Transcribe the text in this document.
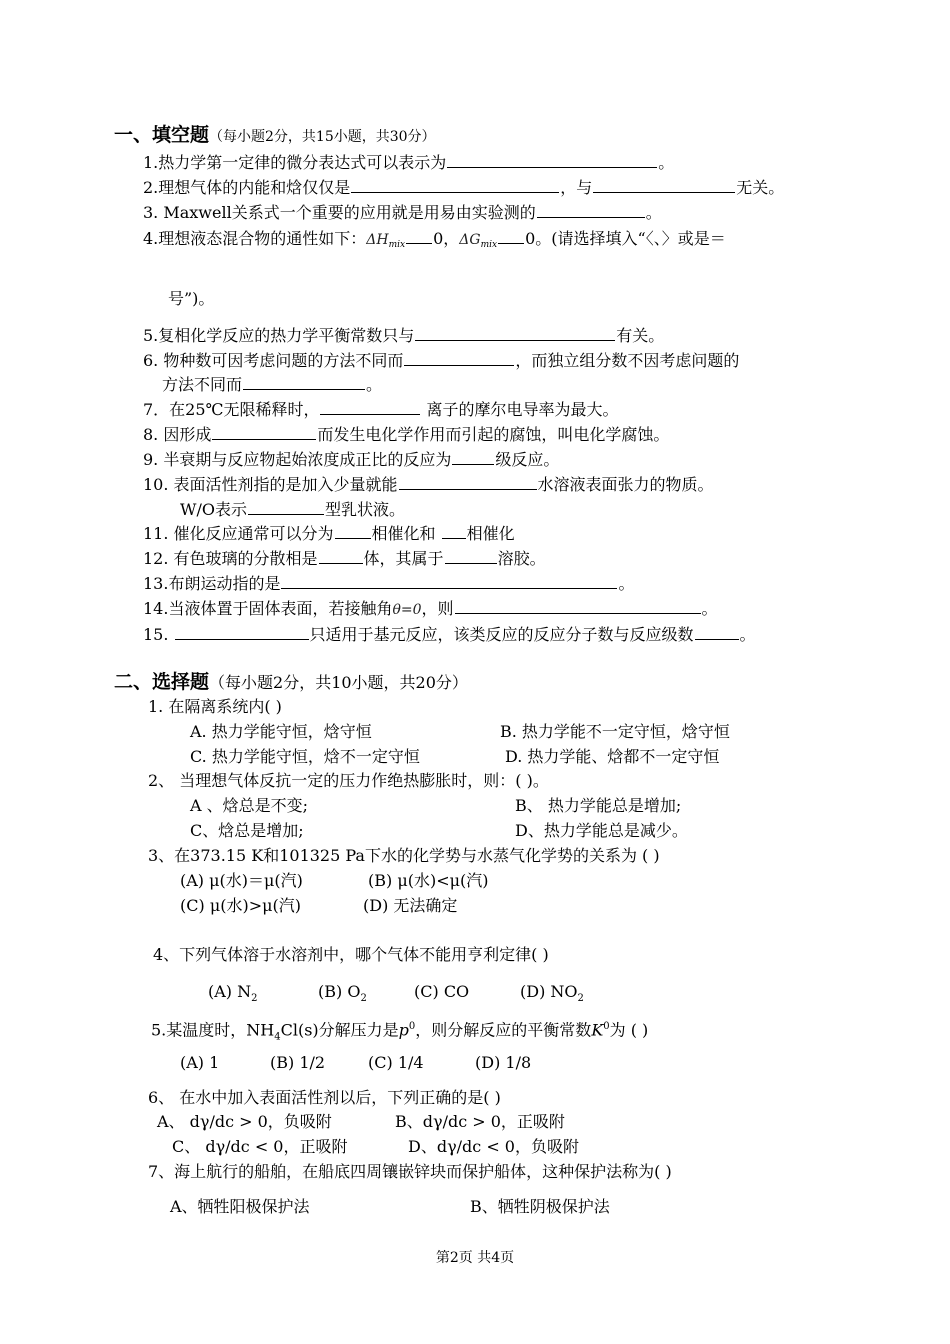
一、填空题（每小题2分，共15小题，共30分）
1.热力学第一定律的微分表达式可以表示为	。
2.理想气体的内能和焓仅仅是	，与	无关。
3. Maxwell关系式一个重要的应用就是用易由实验测的	。
4.理想液态混合物的通性如下：$\Delta H_{mix}$ 0，$\Delta G_{mix}$ 0。(请选择填入“〈、〉或是＝
号”)。
5.复相化学反应的热力学平衡常数只与	有关。
6. 物种数可因考虑问题的方法不同而	，而独立组分数不因考虑问题的
方法不同而	。
7．在25℃无限稀释时，	离子的摩尔电导率为最大。
8. 因形成	而发生电化学作用而引起的腐蚀，叫电化学腐蚀。
9. 半衰期与反应物起始浓度成正比的反应为	级反应。
10. 表面活性剂指的是加入少量就能	水溶液表面张力的物质。
W/O表示	型乳状液。
11. 催化反应通常可以分为 相催化和 相催化
12. 有色玻璃的分散相是	体，其属于	溶胶。
13.布朗运动指的是	。
14.当液体置于固体表面，若接触角θ=0，则	。
15.	只适用于基元反应，该类反应的反应分子数与反应级数	。
二、选择题（每小题2分，共10小题，共20分）
1. 在隔离系统内( )
A. 热力学能守恒，焓守恒	B. 热力学能不一定守恒，焓守恒
C. 热力学能守恒，焓不一定守恒	D. 热力学能、焓都不一定守恒
2、 当理想气体反抗一定的压力作绝热膨胀时，则：( )。
A 、焓总是不变;	B、 热力学能总是增加;
C、焓总是增加;	D、热力学能总是减少。
3、在373.15 K和101325 Pa下水的化学势与水蒸气化学势的关系为 ( )
(A) μ(水)＝μ(汽)	(B) μ(水)<μ(汽)
(C) μ(水)>μ(汽)	(D) 无法确定
4、下列气体溶于水溶剂中，哪个气体不能用亨利定律( )
(A) $N_2$	(B) $O_2$	(C) CO	(D) $NO_2$
5.某温度时，$NH_4Cl(s)$分解压力是$p^0$，则分解反应的平衡常数$K^0$为 ( )
(A) 1	(B) 1/2	(C) 1/4	(D) 1/8
6、 在水中加入表面活性剂以后，下列正确的是( )
A、 dγ/dc > 0，负吸附	B、dγ/dc > 0，正吸附
C、 dγ/dc < 0，正吸附	D、dγ/dc < 0，负吸附
7、海上航行的船舶，在船底四周镶嵌锌块而保护船体，这种保护法称为( )
A、牺牲阳极保护法	B、牺牲阴极保护法
第2页 共4页
